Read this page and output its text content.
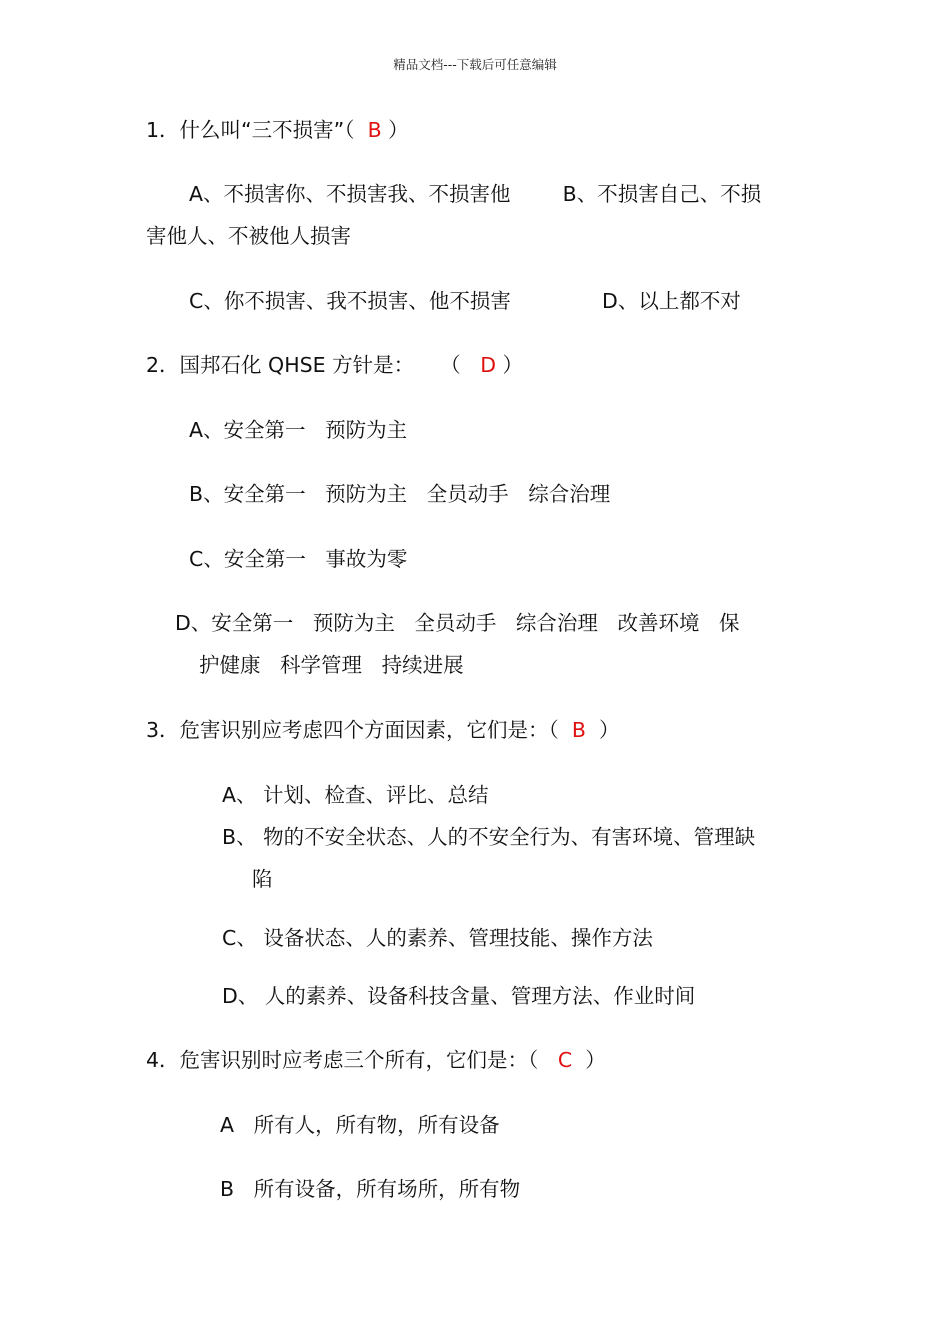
精品文档---下载后可任意编辑
1．什么叫“三不损害”（  B ）
A、不损害你、不损害我、不损害他        B、不损害自己、不损
害他人、不被他人损害
C、你不损害、我不损害、他不损害              D、以上都不对
2．国邦石化 QHSE 方针是：    （   D ）
A、安全第一   预防为主
B、安全第一   预防为主   全员动手   综合治理
C、安全第一   事故为零
D、安全第一   预防为主   全员动手   综合治理   改善环境   保
护健康   科学管理   持续进展
3．危害识别应考虑四个方面因素，它们是：（  B  ）
A、 计划、检查、评比、总结
B、 物的不安全状态、人的不安全行为、有害环境、管理缺
陷
C、 设备状态、人的素养、管理技能、操作方法
D、 人的素养、设备科技含量、管理方法、作业时间
4．危害识别时应考虑三个所有，它们是：（   C  ）
A   所有人，所有物，所有设备
B   所有设备，所有场所，所有物
